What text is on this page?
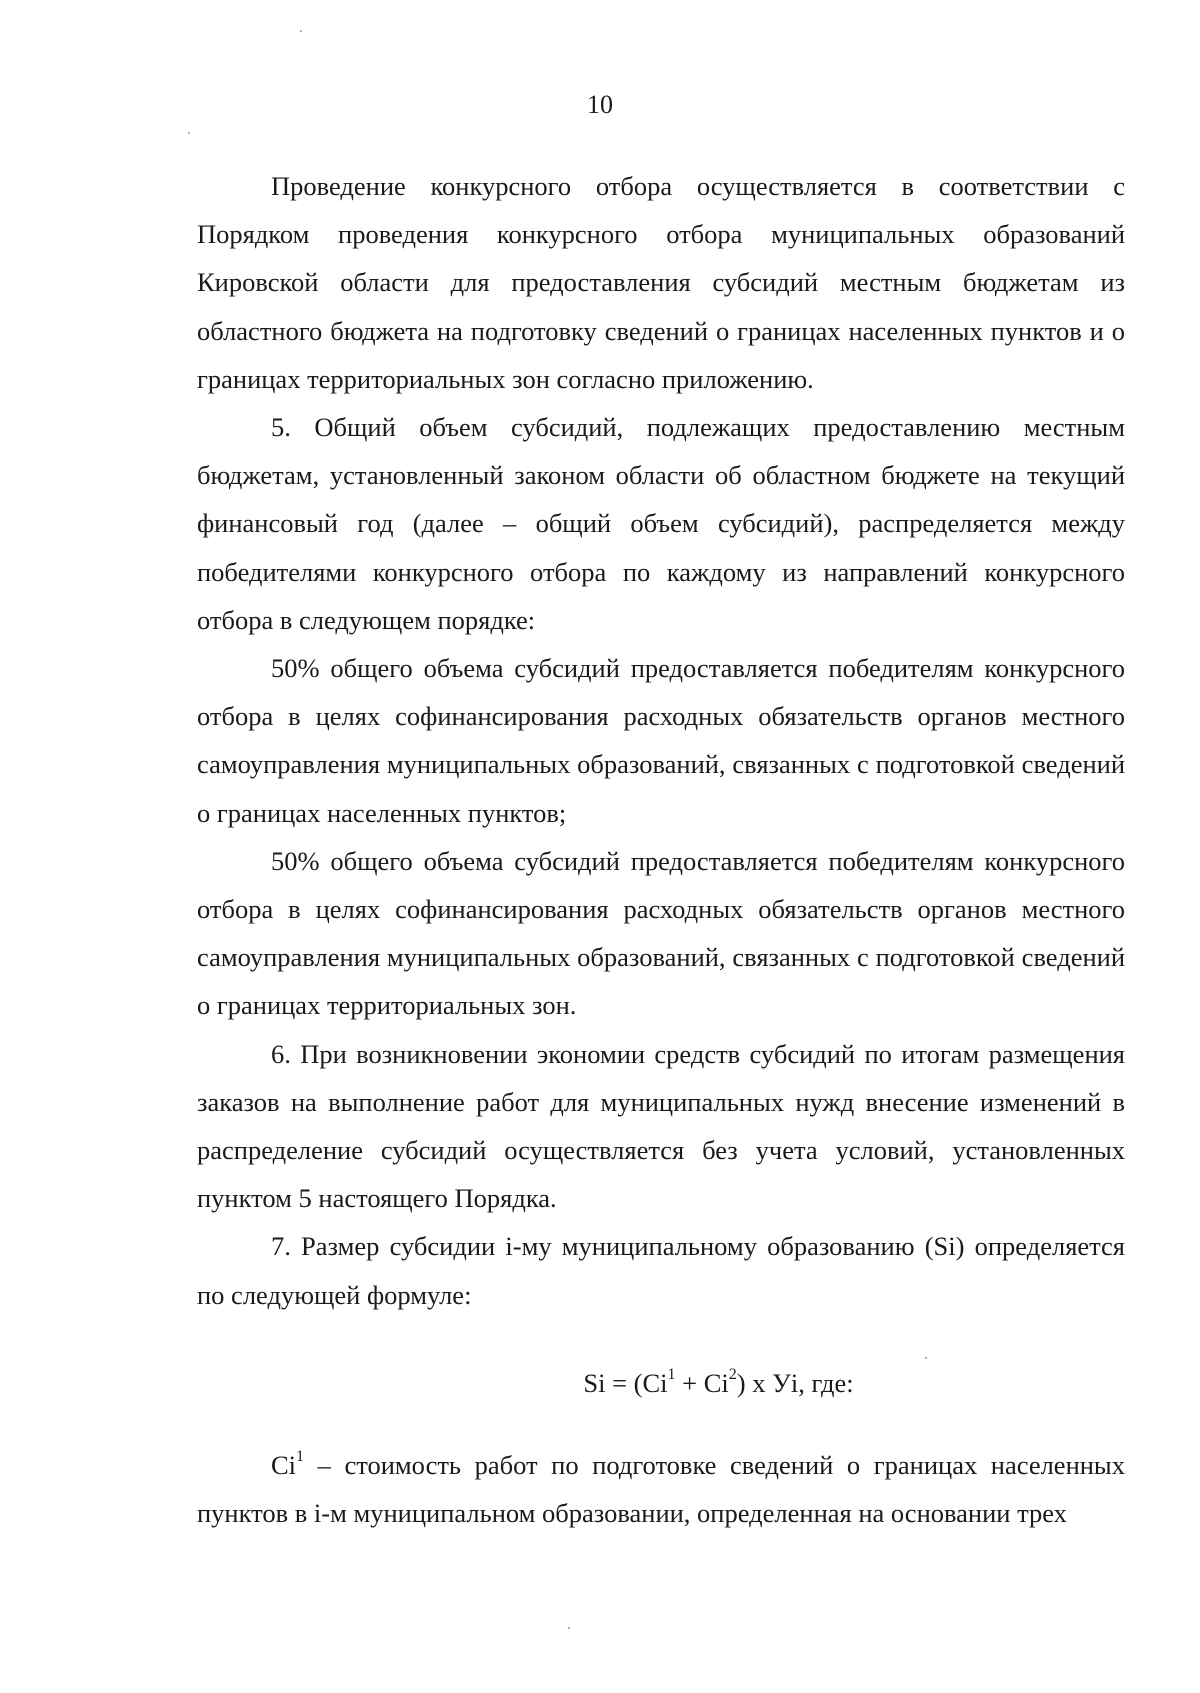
10

Проведение конкурсного отбора осуществляется в соответствии с Порядком проведения конкурсного отбора муниципальных образований Кировской области для предоставления субсидий местным бюджетам из областного бюджета на подготовку сведений о границах населенных пунктов и о границах территориальных зон согласно приложению.

5. Общий объем субсидий, подлежащих предоставлению местным бюджетам, установленный законом области об областном бюджете на текущий финансовый год (далее – общий объем субсидий), распределяется между победителями конкурсного отбора по каждому из направлений конкурсного отбора в следующем порядке:

50% общего объема субсидий предоставляется победителям конкурсного отбора в целях софинансирования расходных обязательств органов местного самоуправления муниципальных образований, связанных с подготовкой сведений о границах населенных пунктов;

50% общего объема субсидий предоставляется победителям конкурсного отбора в целях софинансирования расходных обязательств органов местного самоуправления муниципальных образований, связанных с подготовкой сведений о границах территориальных зон.

6. При возникновении экономии средств субсидий по итогам размещения заказов на выполнение работ для муниципальных нужд внесение изменений в распределение субсидий осуществляется без учета условий, установленных пунктом 5 настоящего Порядка.

7. Размер субсидии i-му муниципальному образованию (Si) определяется по следующей формуле:

$Si = (Ci^1 + Ci^2)$ x Уi, где:

Ci$^1$ – стоимость работ по подготовке сведений о границах населенных пунктов в i-м муниципальном образовании, определенная на основании трех
